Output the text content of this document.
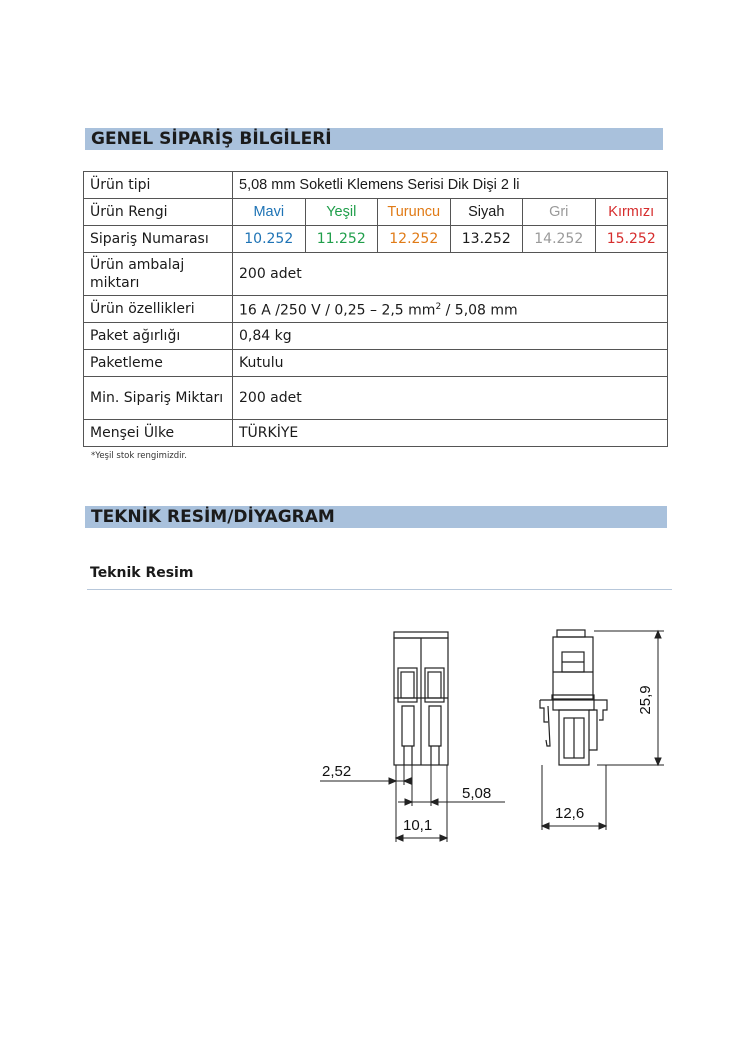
GENEL SİPARİŞ BİLGİLERİ
Ürün tipi	5,08 mm Soketli Klemens Serisi Dik Dişi 2 li					
Ürün Rengi	Mavi	Yeşil	Turuncu	Siyah	Gri	Kırmızı
Sipariş Numarası	10.252	11.252	12.252	13.252	14.252	15.252
Ürün ambalaj miktarı	200 adet					
Ürün özellikleri	16 A /250 V / 0,25 – 2,5 $mm^2 / 5,08$ mm					
Paket ağırlığı	0,84 kg					
Paketleme	Kutulu					
Min. Sipariş Miktarı	200 adet					
Menşei Ülke	TÜRKİYE					
*Yeşil stok rengimizdir.
TEKNİK RESİM/DİYAGRAM
Teknik Resim
2,52
5,08
10,1
12,6
25,9
